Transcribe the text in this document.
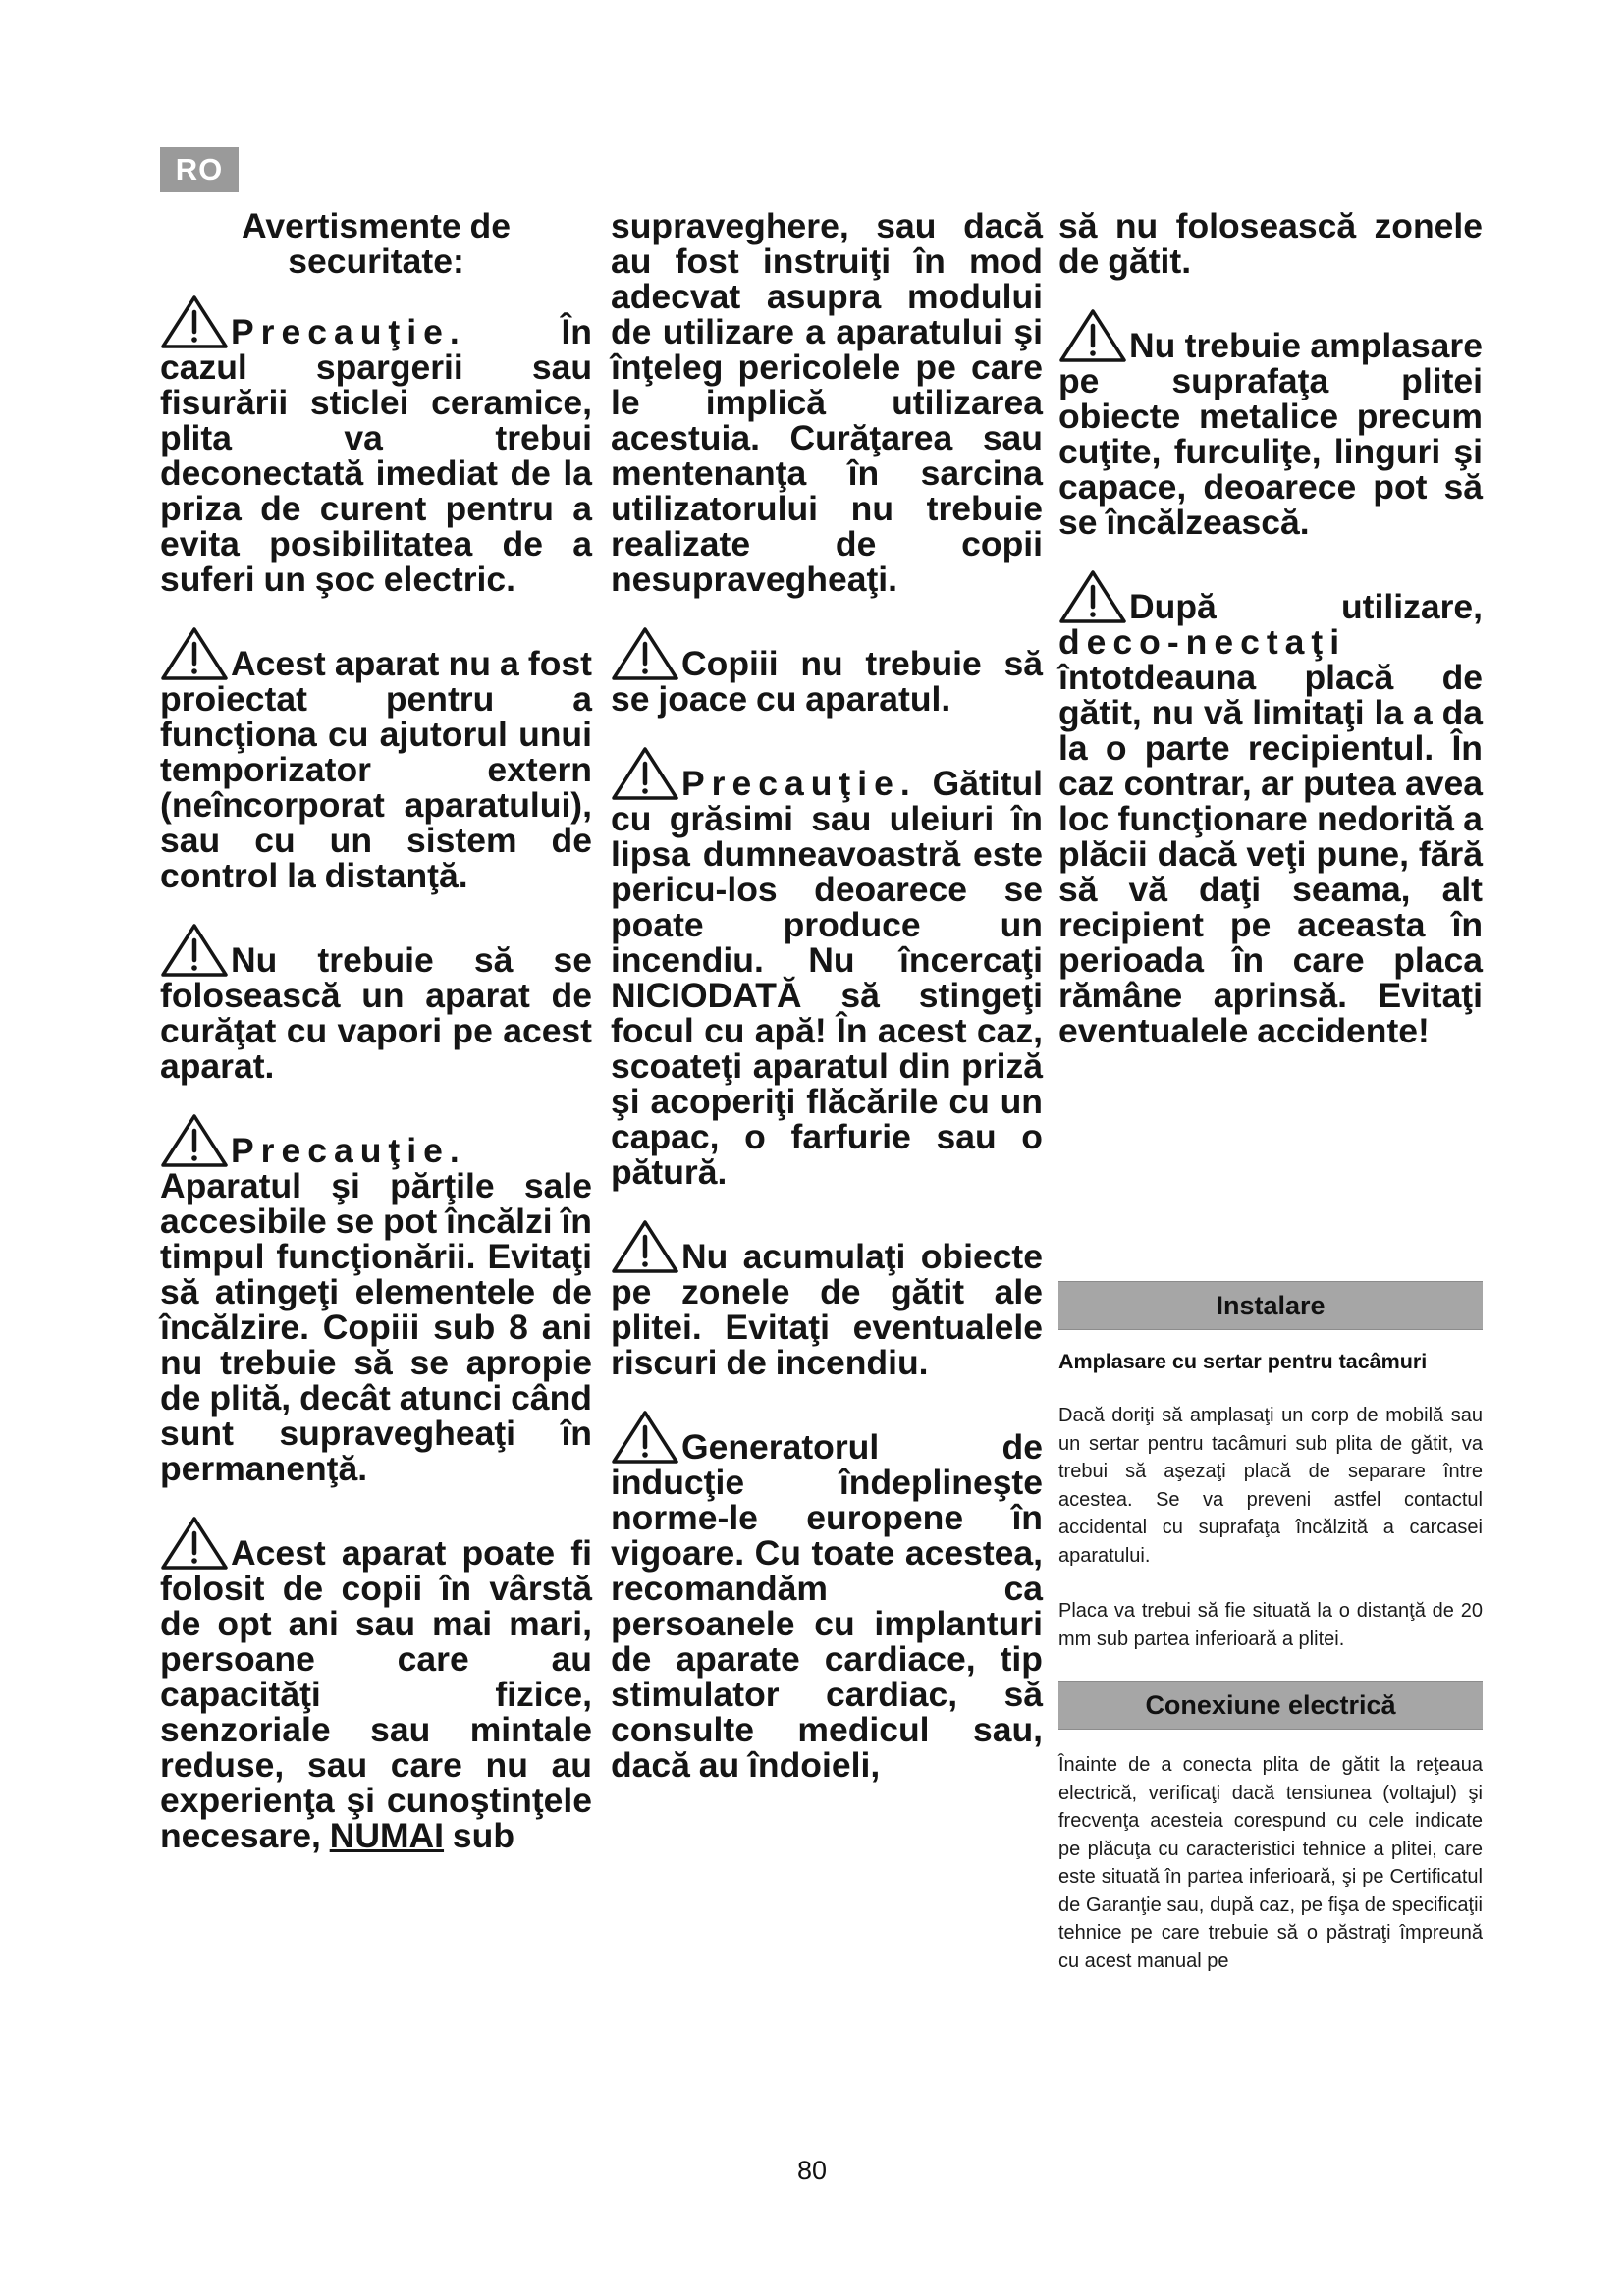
RO

Avertismente de securitate:

Precauţie. În cazul spargerii sau fisurării sticlei ceramice, plita va trebui deconectată imediat de la priza de curent pentru a evita posibilitatea de a suferi un şoc electric.

Acest aparat nu a fost proiectat pentru a funcţiona cu ajutorul unui temporizator extern (neîncorporat aparatului), sau cu un sistem de control la distanţă.

Nu trebuie să se folosească un aparat de curăţat cu vapori pe acest aparat.

Precauţie. Aparatul şi părţile sale accesibile se pot încălzi în timpul funcţionării. Evitaţi să atingeţi elementele de încălzire. Copiii sub 8 ani nu trebuie să se apropie de plită, decât atunci când sunt supravegheaţi în permanenţă.

Acest aparat poate fi folosit de copii în vârstă de opt ani sau mai mari, persoane care au capacităţi fizice, senzoriale sau mintale reduse, sau care nu au experienţa şi cunoştinţele necesare, NUMAI sub

supraveghere, sau dacă au fost instruiţi în mod adecvat asupra modului de utilizare a aparatului şi înţeleg pericolele pe care le implică utilizarea acestuia. Curăţarea sau mentenanţa în sarcina utilizatorului nu trebuie realizate de copii nesupravegheaţi.

Copiii nu trebuie să se joace cu aparatul.

Precauţie. Gătitul cu grăsimi sau uleiuri în lipsa dumneavoastră este pericu-los deoarece se poate produce un incendiu. Nu încercaţi NICIODATĂ să stingeţi focul cu apă! În acest caz, scoateţi aparatul din priză şi acoperiţi flăcările cu un capac, o farfurie sau o pătură.

Nu acumulaţi obiecte pe zonele de gătit ale plitei. Evitaţi eventualele riscuri de incendiu.

Generatorul de inducţie îndeplineşte norme-le europene în vigoare. Cu toate acestea, recomandăm ca persoanele cu implanturi de aparate cardiace, tip stimulator cardiac, să consulte medicul sau, dacă au îndoieli,

să nu folosească zonele de gătit.

Nu trebuie amplasare pe suprafaţa plitei obiecte metalice precum cuţite, furculiţe, linguri şi capace, deoarece pot să se încălzească.

După utilizare, deco-nectaţi întotdeauna placă de gătit, nu vă limitaţi la a da la o parte recipientul. În caz contrar, ar putea avea loc funcţionare nedorită a plăcii dacă veţi pune, fără să vă daţi seama, alt recipient pe aceasta în perioada în care placa rămâne aprinsă. Evitaţi eventualele accidente!

Instalare
Amplasare cu sertar pentru tacâmuri

Dacă doriţi să amplasaţi un corp de mobilă sau un sertar pentru tacâmuri sub plita de gătit, va trebui să aşezaţi placă de separare între acestea. Se va preveni astfel contactul accidental cu suprafaţa încălzită a carcasei aparatului.

Placa va trebui să fie situată la o distanţă de 20 mm sub partea inferioară a plitei.

Conexiune electrică

Înainte de a conecta plita de gătit la reţeaua electrică, verificaţi dacă tensiunea (voltajul) şi frecvenţa acesteia corespund cu cele indicate pe plăcuţa cu caracteristici tehnice a plitei, care este situată în partea inferioară, şi pe Certificatul de Garanţie sau, după caz, pe fişa de specificaţii tehnice pe care trebuie să o păstraţi împreună cu acest manual pe

80
